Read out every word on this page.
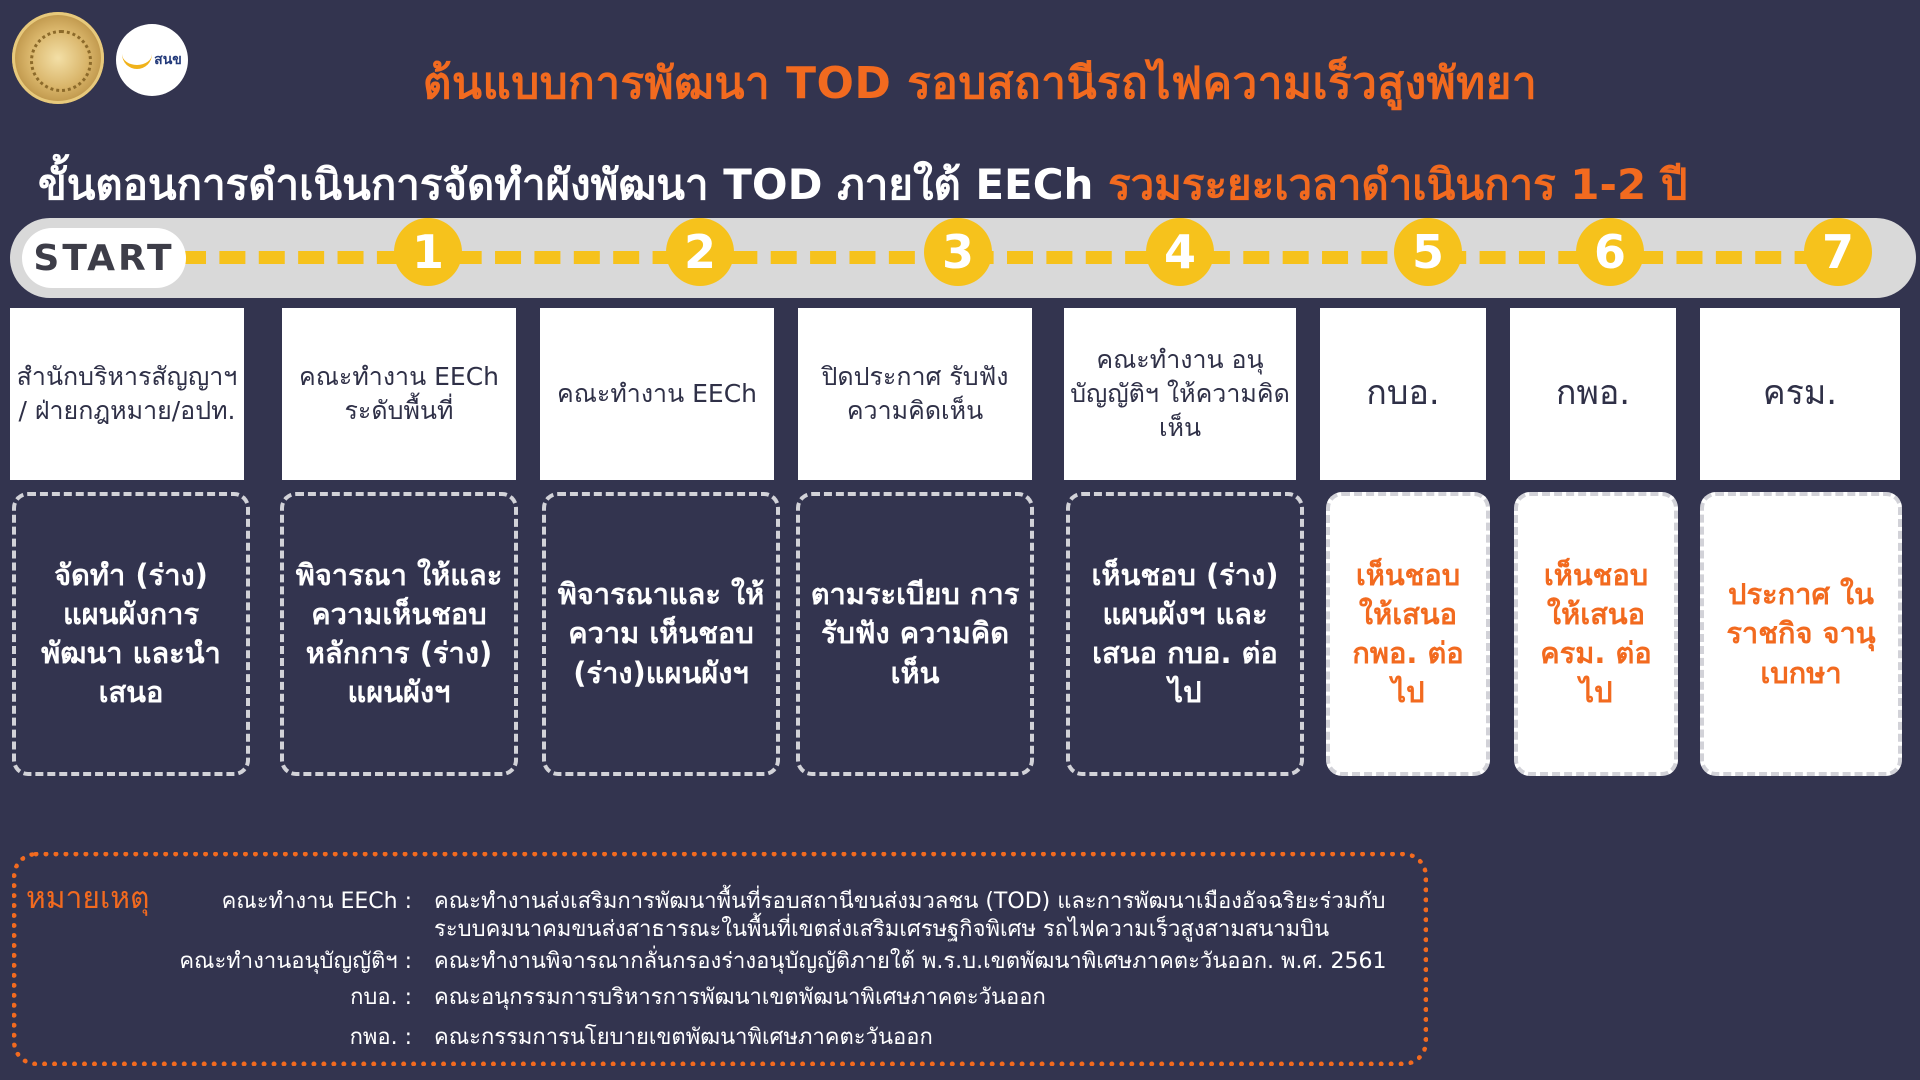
สนข	ต้นแบบการพัฒนา TOD รอบสถานีรถไฟความเร็วสูงพัทยา
ขั้นตอนการดำเนินการจัดทำผังพัฒนา TOD ภายใต้ EECh รวมระยะเวลาดำเนินการ 1-2 ปี
START	1	2	3	4	5	6	7
สำนักบริหารสัญญาฯ / ฝ่ายกฎหมาย/อปท.
คณะทำงาน EECh ระดับพื้นที่
คณะทำงาน EECh
ปิดประกาศ รับฟังความคิดเห็น
คณะทำงาน อนุบัญญัติฯ ให้ความคิดเห็น
กบอ.	กพอ.	ครม.
จัดทำ (ร่าง) แผนผังการ พัฒนา และนำเสนอ
พิจารณา ให้และ ความเห็นชอบ หลักการ (ร่าง) แผนผังฯ
พิจารณาและ ให้ความ เห็นชอบ (ร่าง)แผนผังฯ
ตามระเบียบ การรับฟัง ความคิดเห็น
เห็นชอบ (ร่าง) แผนผังฯ และเสนอ กบอ. ต่อไป
เห็นชอบ ให้เสนอ กพอ. ต่อไป
เห็นชอบ ให้เสนอ ครม. ต่อไป
ประกาศ ในราชกิจ จานุเบกษา
หมายเหตุ	คณะทำงาน EECh : คณะทำงานส่งเสริมการพัฒนาพื้นที่รอบสถานีขนส่งมวลชน (TOD) และการพัฒนาเมืองอัจฉริยะร่วมกับ ระบบคมนาคมขนส่งสาธารณะในพื้นที่เขตส่งเสริมเศรษฐกิจพิเศษ รถไฟความเร็วสูงสามสนามบิน
คณะทำงานอนุบัญญัติฯ : คณะทำงานพิจารณากลั่นกรองร่างอนุบัญญัติภายใต้ พ.ร.บ.เขตพัฒนาพิเศษภาคตะวันออก. พ.ศ. 2561
กบอ. : คณะอนุกรรมการบริหารการพัฒนาเขตพัฒนาพิเศษภาคตะวันออก
กพอ. : คณะกรรมการนโยบายเขตพัฒนาพิเศษภาคตะวันออก
